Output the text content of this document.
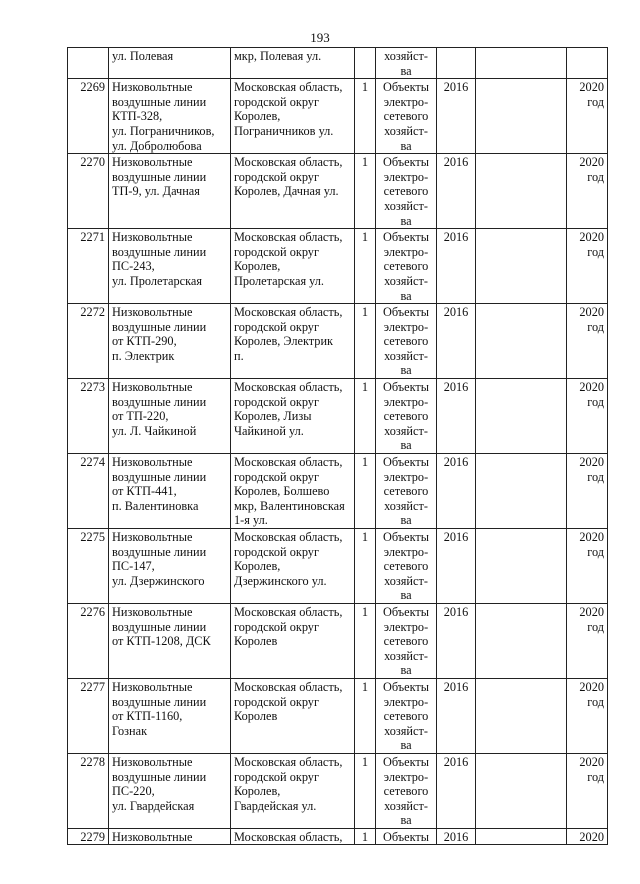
193
	ул. Полевая	мкр, Полевая ул.		хозяйст-
ва			
2269	Низковольтные
воздушные линии
КТП-328,
ул. Пограничников,
ул. Добролюбова	Московская область,
городской округ
Королев,
Пограничников ул.	1	Объекты
электро-
сетевого
хозяйст-
ва	2016		2020
год
2270	Низковольтные
воздушные линии
ТП-9, ул. Дачная	Московская область,
городской округ
Королев, Дачная ул.	1	Объекты
электро-
сетевого
хозяйст-
ва	2016		2020
год
2271	Низковольтные
воздушные линии
ПС-243,
ул. Пролетарская	Московская область,
городской округ
Королев,
Пролетарская ул.	1	Объекты
электро-
сетевого
хозяйст-
ва	2016		2020
год
2272	Низковольтные
воздушные линии
от КТП-290,
п. Электрик	Московская область,
городской округ
Королев, Электрик
п.	1	Объекты
электро-
сетевого
хозяйст-
ва	2016		2020
год
2273	Низковольтные
воздушные линии
от ТП-220,
ул. Л. Чайкиной	Московская область,
городской округ
Королев, Лизы
Чайкиной ул.	1	Объекты
электро-
сетевого
хозяйст-
ва	2016		2020
год
2274	Низковольтные
воздушные линии
от КТП-441,
п. Валентиновка	Московская область,
городской округ
Королев, Болшево
мкр, Валентиновская
1-я ул.	1	Объекты
электро-
сетевого
хозяйст-
ва	2016		2020
год
2275	Низковольтные
воздушные линии
ПС-147,
ул. Дзержинского	Московская область,
городской округ
Королев,
Дзержинского ул.	1	Объекты
электро-
сетевого
хозяйст-
ва	2016		2020
год
2276	Низковольтные
воздушные линии
от КТП-1208, ДСК	Московская область,
городской округ
Королев	1	Объекты
электро-
сетевого
хозяйст-
ва	2016		2020
год
2277	Низковольтные
воздушные линии
от КТП-1160,
Гознак	Московская область,
городской округ
Королев	1	Объекты
электро-
сетевого
хозяйст-
ва	2016		2020
год
2278	Низковольтные
воздушные линии
ПС-220,
ул. Гвардейская	Московская область,
городской округ
Королев,
Гвардейская ул.	1	Объекты
электро-
сетевого
хозяйст-
ва	2016		2020
год
2279	Низковольтные	Московская область,	1	Объекты	2016		2020
